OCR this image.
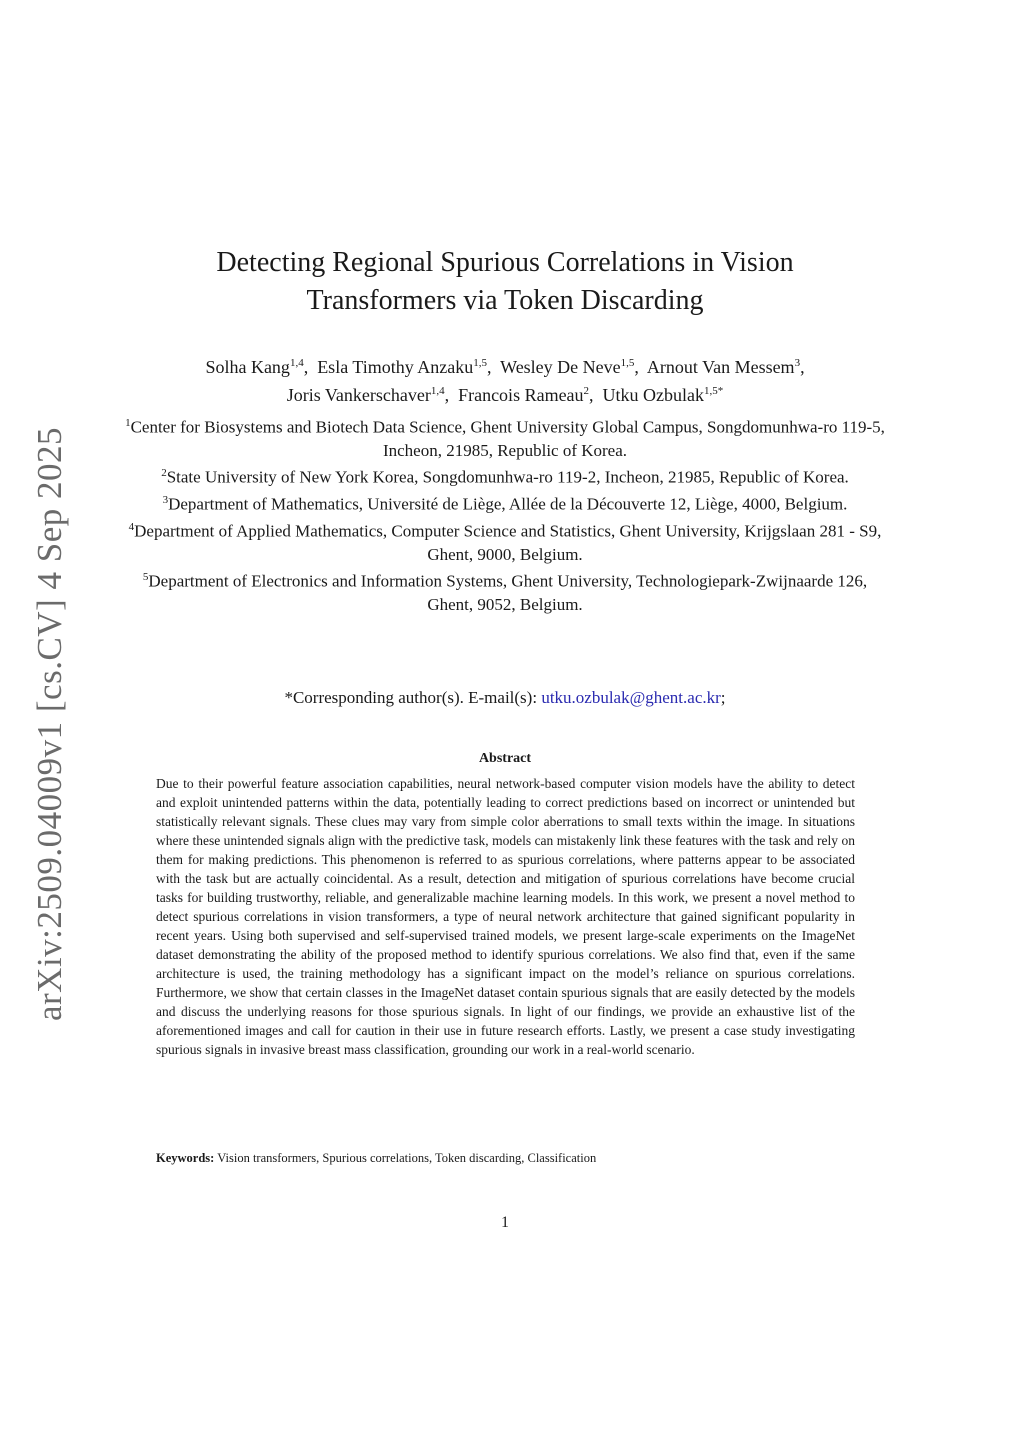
arXiv:2509.04009v1 [cs.CV] 4 Sep 2025
Detecting Regional Spurious Correlations in Vision
Transformers via Token Discarding
Solha Kang$^{1,4}$,  Esla Timothy Anzaku$^{1,5}$,  Wesley De Neve$^{1,5}$,  Arnout Van Messem$^3$,
Joris Vankerschaver$^{1,4}$,  Francois Rameau$^2$,  Utku Ozbulak$^{1,5*}$

$^1$Center for Biosystems and Biotech Data Science, Ghent University Global Campus, Songdomunhwa-ro 119-5, Incheon, 21985, Republic of Korea.

$^2$State University of New York Korea, Songdomunhwa-ro 119-2, Incheon, 21985, Republic of Korea.

$^3$Department of Mathematics, Université de Liège, Allée de la Découverte 12, Liège, 4000, Belgium.

$^4$Department of Applied Mathematics, Computer Science and Statistics, Ghent University, Krijgslaan 281 - S9, Ghent, 9000, Belgium.

$^5$Department of Electronics and Information Systems, Ghent University, Technologiepark-Zwijnaarde 126, Ghent, 9052, Belgium.

*Corresponding author(s). E-mail(s): utku.ozbulak@ghent.ac.kr;
Abstract

Due to their powerful feature association capabilities, neural network-based computer vision models have the ability to detect and exploit unintended patterns within the data, potentially leading to correct predictions based on incorrect or unintended but statistically relevant signals. These clues may vary from simple color aberrations to small texts within the image. In situations where these unintended signals align with the predictive task, models can mistakenly link these features with the task and rely on them for making predictions. This phenomenon is referred to as spurious correlations, where patterns appear to be associated with the task but are actually coincidental. As a result, detection and mitigation of spurious correlations have become crucial tasks for building trustworthy, reliable, and generalizable machine learning models. In this work, we present a novel method to detect spurious correlations in vision transformers, a type of neural network architecture that gained significant popularity in recent years. Using both supervised and self-supervised trained models, we present large-scale experiments on the ImageNet dataset demonstrating the ability of the proposed method to identify spurious correlations. We also find that, even if the same architecture is used, the training methodology has a significant impact on the model’s reliance on spurious correlations. Furthermore, we show that certain classes in the ImageNet dataset contain spurious signals that are easily detected by the models and discuss the underlying reasons for those spurious signals. In light of our findings, we provide an exhaustive list of the aforementioned images and call for caution in their use in future research efforts. Lastly, we present a case study investigating spurious signals in invasive breast mass classification, grounding our work in a real-world scenario.

Keywords: Vision transformers, Spurious correlations, Token discarding, Classification
1
